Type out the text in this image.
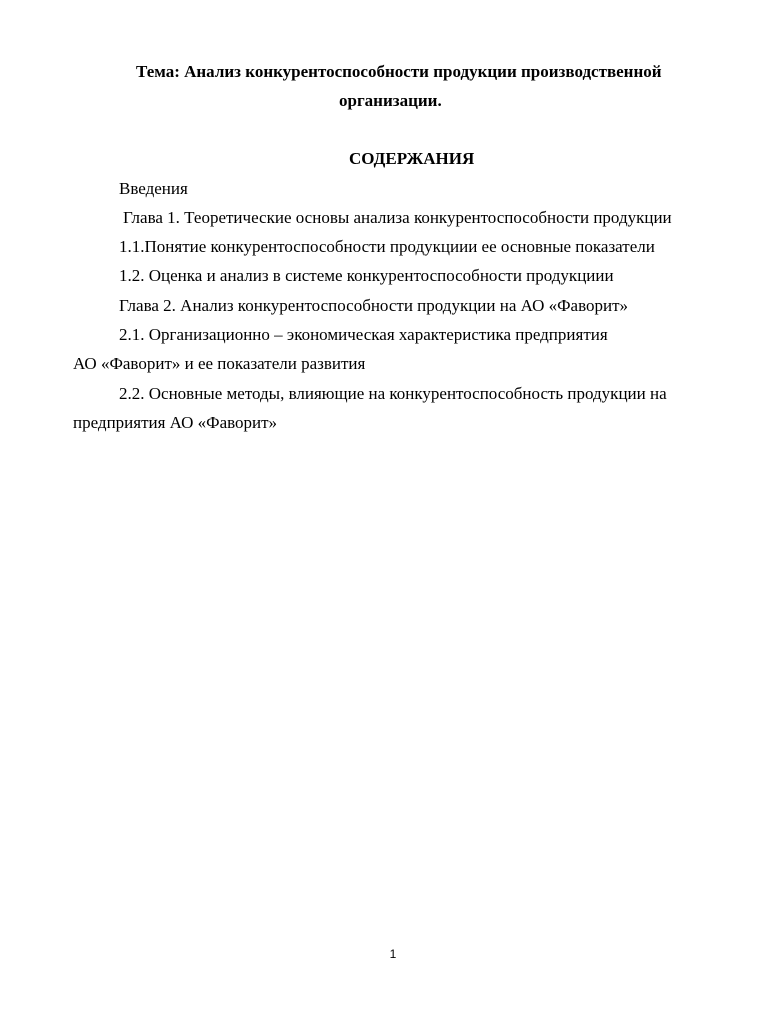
Тема: Анализ конкурентоспособности продукции производственной
организации.
СОДЕРЖАНИЯ
Введения
Глава 1. Теоретические основы анализа конкурентоспособности продукции
1.1.Понятие конкурентоспособности продукциии ее основные показатели
1.2. Оценка и анализ в системе конкурентоспособности продукциии
Глава 2. Анализ конкурентоспособности продукции на АО «Фаворит»
2.1. Организационно – экономическая характеристика предприятия
АО «Фаворит» и ее показатели развития
2.2. Основные методы, влияющие на конкурентоспособность продукции на
предприятия АО «Фаворит»
1
